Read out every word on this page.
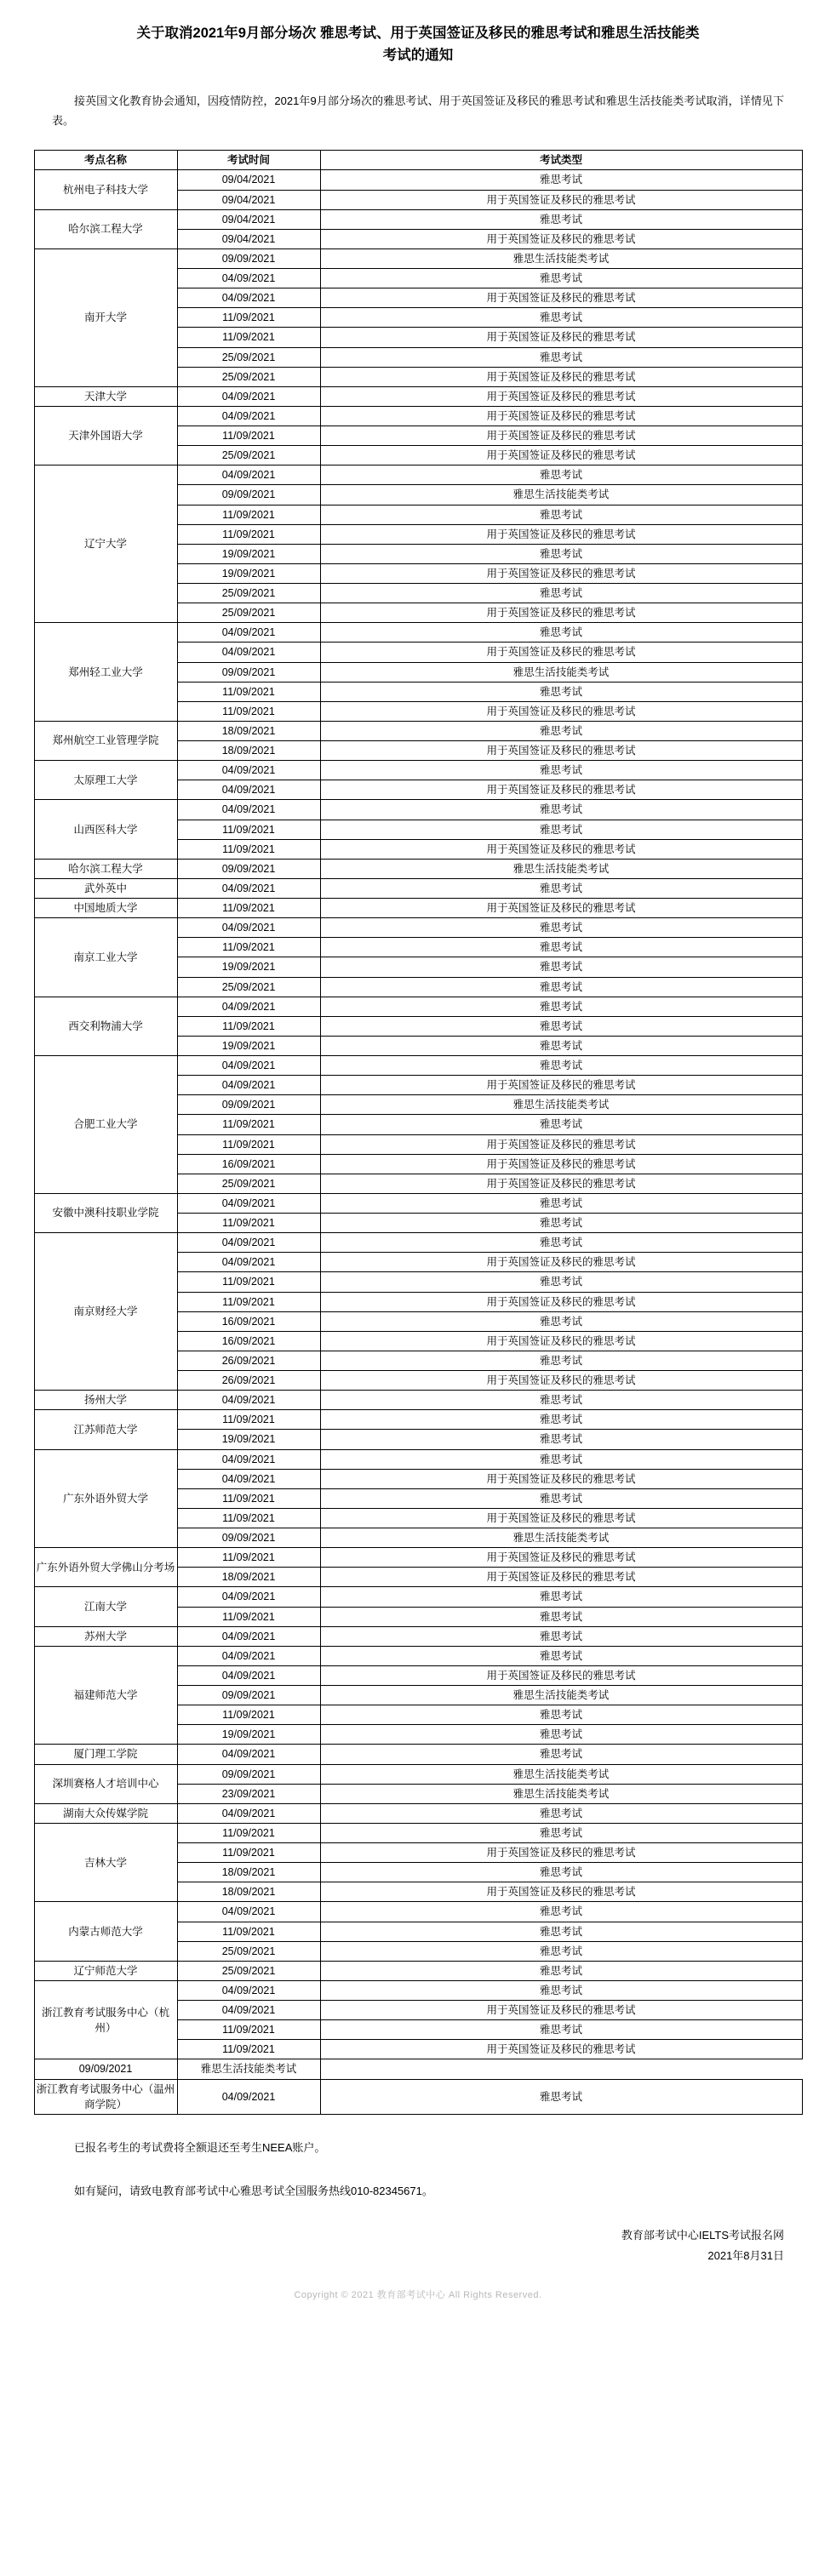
关于取消2021年9月部分场次 雅思考试、用于英国签证及移民的雅思考试和雅思生活技能类
考试的通知

接英国文化教育协会通知，因疫情防控，2021年9月部分场次的雅思考试、用于英国签证及移民的雅思考试和雅思生活技能类考试取消，详情见下表。

考点名称	考试时间	考试类型
杭州电子科技大学	09/04/2021	雅思考试
	09/04/2021	用于英国签证及移民的雅思考试
哈尔滨工程大学	09/04/2021	雅思考试
	09/04/2021	用于英国签证及移民的雅思考试
南开大学	09/09/2021	雅思生活技能类考试
	04/09/2021	雅思考试
	04/09/2021	用于英国签证及移民的雅思考试
	11/09/2021	雅思考试
	11/09/2021	用于英国签证及移民的雅思考试
	25/09/2021	雅思考试
	25/09/2021	用于英国签证及移民的雅思考试
天津大学	04/09/2021	用于英国签证及移民的雅思考试
天津外国语大学	04/09/2021	用于英国签证及移民的雅思考试
	11/09/2021	用于英国签证及移民的雅思考试
	25/09/2021	用于英国签证及移民的雅思考试
辽宁大学	04/09/2021	雅思考试
	09/09/2021	雅思生活技能类考试
	11/09/2021	雅思考试
	11/09/2021	用于英国签证及移民的雅思考试
	19/09/2021	雅思考试
	19/09/2021	用于英国签证及移民的雅思考试
	25/09/2021	雅思考试
	25/09/2021	用于英国签证及移民的雅思考试
郑州轻工业大学	04/09/2021	雅思考试
	04/09/2021	用于英国签证及移民的雅思考试
	09/09/2021	雅思生活技能类考试
	11/09/2021	雅思考试
	11/09/2021	用于英国签证及移民的雅思考试
郑州航空工业管理学院	18/09/2021	雅思考试
	18/09/2021	用于英国签证及移民的雅思考试
太原理工大学	04/09/2021	雅思考试
	04/09/2021	用于英国签证及移民的雅思考试
山西医科大学	04/09/2021	雅思考试
	11/09/2021	雅思考试
	11/09/2021	用于英国签证及移民的雅思考试
哈尔滨工程大学	09/09/2021	雅思生活技能类考试
武外英中	04/09/2021	雅思考试
中国地质大学	11/09/2021	用于英国签证及移民的雅思考试
南京工业大学	04/09/2021	雅思考试
	11/09/2021	雅思考试
	19/09/2021	雅思考试
	25/09/2021	雅思考试
西交利物浦大学	04/09/2021	雅思考试
	11/09/2021	雅思考试
	19/09/2021	雅思考试
合肥工业大学	04/09/2021	雅思考试
	04/09/2021	用于英国签证及移民的雅思考试
	09/09/2021	雅思生活技能类考试
	11/09/2021	雅思考试
	11/09/2021	用于英国签证及移民的雅思考试
	16/09/2021	用于英国签证及移民的雅思考试
	25/09/2021	用于英国签证及移民的雅思考试
安徽中澳科技职业学院	04/09/2021	雅思考试
	11/09/2021	雅思考试
南京财经大学	04/09/2021	雅思考试
	04/09/2021	用于英国签证及移民的雅思考试
	11/09/2021	雅思考试
	11/09/2021	用于英国签证及移民的雅思考试
	16/09/2021	雅思考试
	16/09/2021	用于英国签证及移民的雅思考试
	26/09/2021	雅思考试
	26/09/2021	用于英国签证及移民的雅思考试
扬州大学	04/09/2021	雅思考试
江苏师范大学	11/09/2021	雅思考试
	19/09/2021	雅思考试
广东外语外贸大学	04/09/2021	雅思考试
	04/09/2021	用于英国签证及移民的雅思考试
	11/09/2021	雅思考试
	11/09/2021	用于英国签证及移民的雅思考试
	09/09/2021	雅思生活技能类考试
广东外语外贸大学佛山分考场	11/09/2021	用于英国签证及移民的雅思考试
	18/09/2021	用于英国签证及移民的雅思考试
江南大学	04/09/2021	雅思考试
	11/09/2021	雅思考试
苏州大学	04/09/2021	雅思考试
福建师范大学	04/09/2021	雅思考试
	04/09/2021	用于英国签证及移民的雅思考试
	09/09/2021	雅思生活技能类考试
	11/09/2021	雅思考试
	19/09/2021	雅思考试
厦门理工学院	04/09/2021	雅思考试
深圳赛格人才培训中心	09/09/2021	雅思生活技能类考试
	23/09/2021	雅思生活技能类考试
湖南大众传媒学院	04/09/2021	雅思考试
吉林大学	11/09/2021	雅思考试
	11/09/2021	用于英国签证及移民的雅思考试
	18/09/2021	雅思考试
	18/09/2021	用于英国签证及移民的雅思考试
内蒙古师范大学	04/09/2021	雅思考试
	11/09/2021	雅思考试
	25/09/2021	雅思考试
辽宁师范大学	25/09/2021	雅思考试
浙江教育考试服务中心（杭州）	04/09/2021	雅思考试
	04/09/2021	用于英国签证及移民的雅思考试
	11/09/2021	雅思考试
	11/09/2021	用于英国签证及移民的雅思考试
09/09/2021	雅思生活技能类考试	
浙江教育考试服务中心（温州商学院）	04/09/2021	雅思考试

已报名考生的考试费将全额退还至考生NEEA账户。

如有疑问，请致电教育部考试中心雅思考试全国服务热线010-82345671。

教育部考试中心IELTS考试报名网
2021年8月31日
Copyright © 2021 教育部考试中心 All Rights Reserved.
